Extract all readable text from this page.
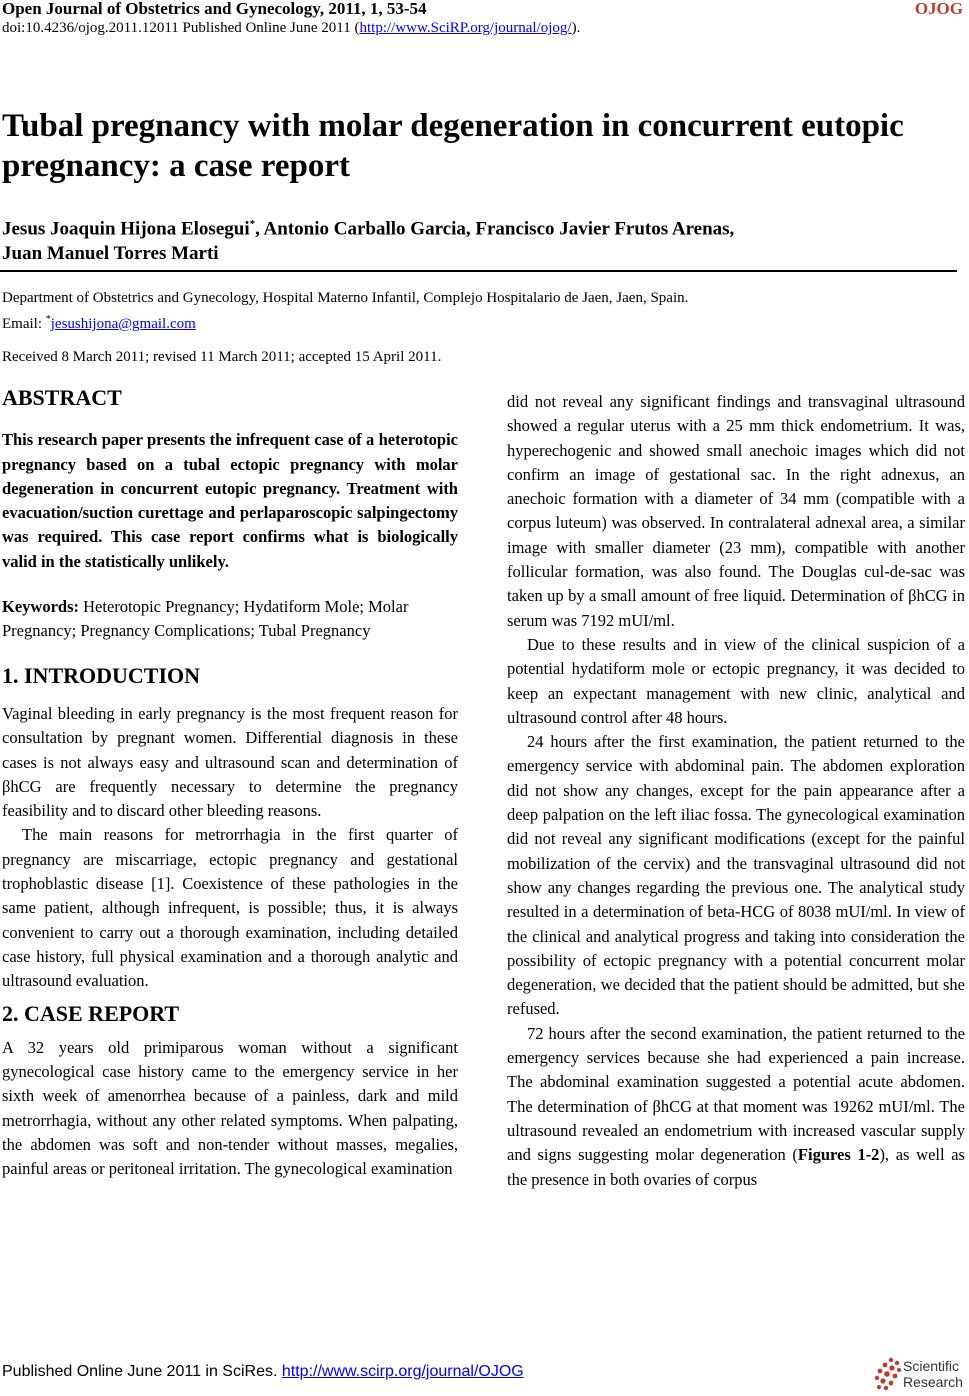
Open Journal of Obstetrics and Gynecology, 2011, 1, 53-54	OJOG
doi:10.4236/ojog.2011.12011 Published Online June 2011 (http://www.SciRP.org/journal/ojog/).
Tubal pregnancy with molar degeneration in concurrent eutopic pregnancy: a case report
Jesus Joaquin Hijona Elosegui*, Antonio Carballo Garcia, Francisco Javier Frutos Arenas,
Juan Manuel Torres Marti
Department of Obstetrics and Gynecology, Hospital Materno Infantil, Complejo Hospitalario de Jaen, Jaen, Spain.
Email: *jesushijona@gmail.com
Received 8 March 2011; revised 11 March 2011; accepted 15 April 2011.
ABSTRACT

This research paper presents the infrequent case of a heterotopic pregnancy based on a tubal ectopic pregnancy with molar degeneration in concurrent eutopic pregnancy. Treatment with evacuation/suction curettage and perlaparoscopic salpingectomy was required. This case report confirms what is biologically valid in the statistically unlikely.

Keywords: Heterotopic Pregnancy; Hydatiform Mole; Molar Pregnancy; Pregnancy Complications; Tubal Pregnancy

1. INTRODUCTION

Vaginal bleeding in early pregnancy is the most frequent reason for consultation by pregnant women. Differential diagnosis in these cases is not always easy and ultrasound scan and determination of βhCG are frequently necessary to determine the pregnancy feasibility and to discard other bleeding reasons.

The main reasons for metrorrhagia in the first quarter of pregnancy are miscarriage, ectopic pregnancy and gestational trophoblastic disease [1]. Coexistence of these pathologies in the same patient, although infrequent, is possible; thus, it is always convenient to carry out a thorough examination, including detailed case history, full physical examination and a thorough analytic and ultrasound evaluation.

2. CASE REPORT

A 32 years old primiparous woman without a significant gynecological case history came to the emergency service in her sixth week of amenorrhea because of a painless, dark and mild metrorrhagia, without any other related symptoms. When palpating, the abdomen was soft and non-tender without masses, megalies, painful areas or peritoneal irritation. The gynecological examination

did not reveal any significant findings and transvaginal ultrasound showed a regular uterus with a 25 mm thick endometrium. It was, hyperechogenic and showed small anechoic images which did not confirm an image of gestational sac. In the right adnexus, an anechoic formation with a diameter of 34 mm (compatible with a corpus luteum) was observed. In contralateral adnexal area, a similar image with smaller diameter (23 mm), compatible with another follicular formation, was also found. The Douglas cul-de-sac was taken up by a small amount of free liquid. Determination of βhCG in serum was 7192 mUI/ml.

Due to these results and in view of the clinical suspicion of a potential hydatiform mole or ectopic pregnancy, it was decided to keep an expectant management with new clinic, analytical and ultrasound control after 48 hours.

24 hours after the first examination, the patient returned to the emergency service with abdominal pain. The abdomen exploration did not show any changes, except for the pain appearance after a deep palpation on the left iliac fossa. The gynecological examination did not reveal any significant modifications (except for the painful mobilization of the cervix) and the transvaginal ultrasound did not show any changes regarding the previous one. The analytical study resulted in a determination of beta-HCG of 8038 mUI/ml. In view of the clinical and analytical progress and taking into consideration the possibility of ectopic pregnancy with a potential concurrent molar degeneration, we decided that the patient should be admitted, but she refused.

72 hours after the second examination, the patient returned to the emergency services because she had experienced a pain increase. The abdominal examination suggested a potential acute abdomen. The determination of βhCG at that moment was 19262 mUI/ml. The ultrasound revealed an endometrium with increased vascular supply and signs suggesting molar degeneration (Figures 1-2), as well as the presence in both ovaries of corpus

Published Online June 2011 in SciRes. http://www.scirp.org/journal/OJOG	Scientific
Research
